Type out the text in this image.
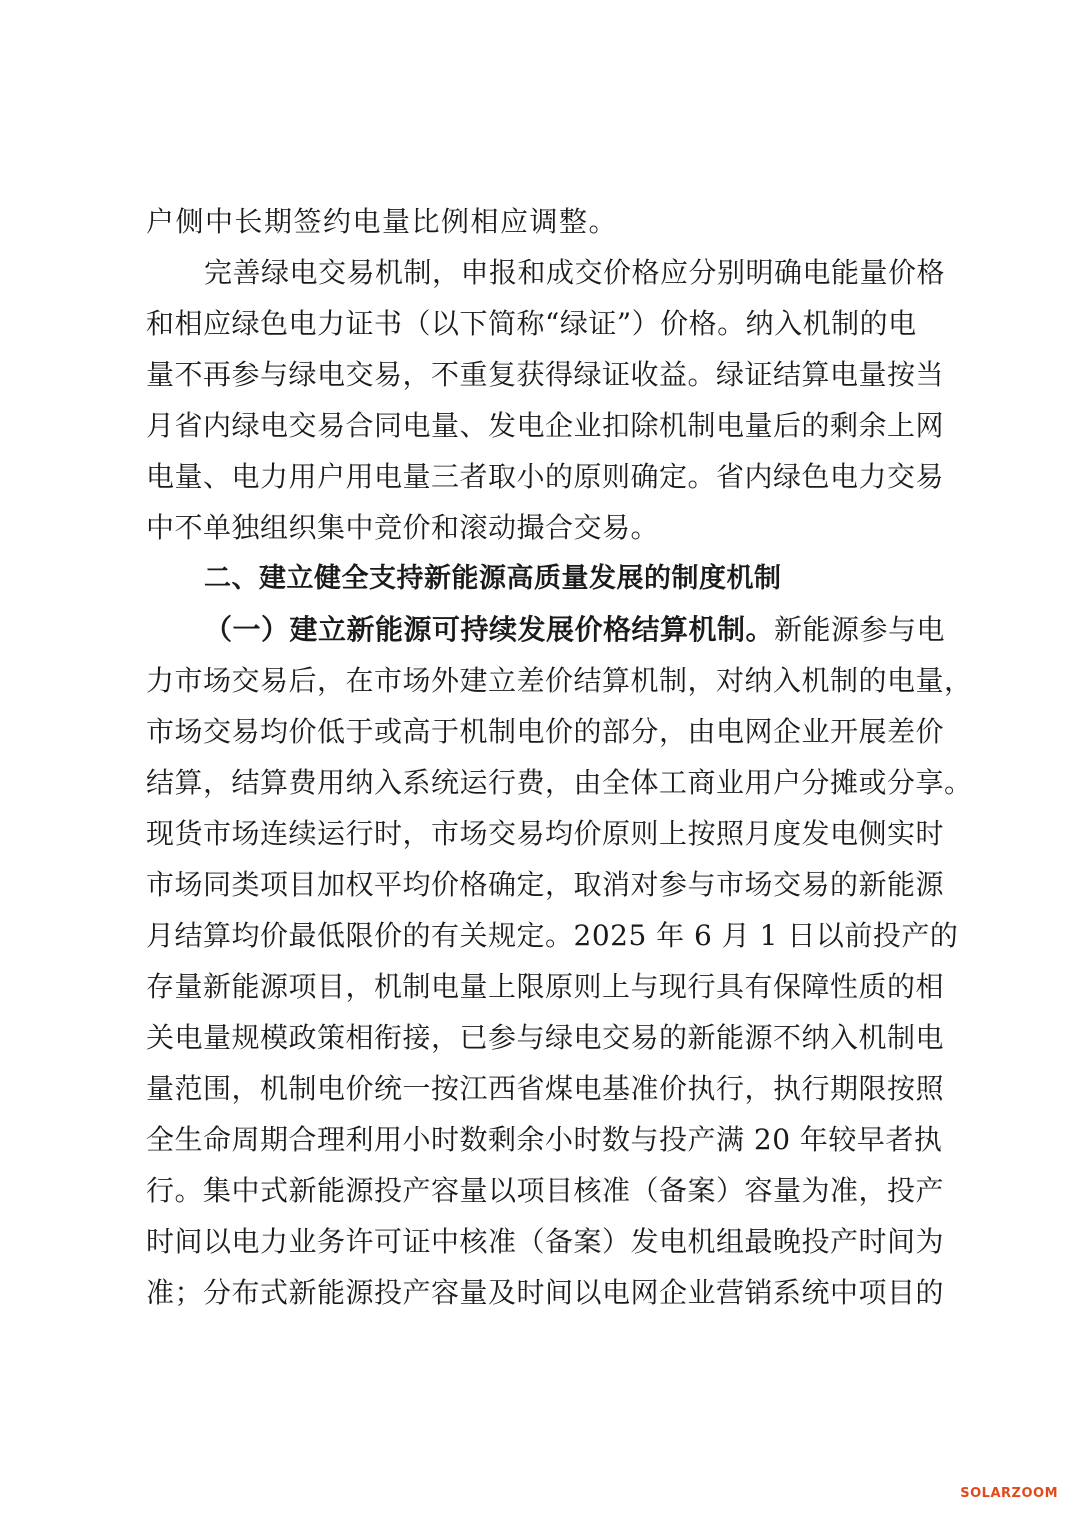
户侧中长期签约电量比例相应调整。
完善绿电交易机制，申报和成交价格应分别明确电能量价格
和相应绿色电力证书（以下简称“绿证”）价格。纳入机制的电
量不再参与绿电交易，不重复获得绿证收益。绿证结算电量按当
月省内绿电交易合同电量、发电企业扣除机制电量后的剩余上网
电量、电力用户用电量三者取小的原则确定。省内绿色电力交易
中不单独组织集中竞价和滚动撮合交易。
二、建立健全支持新能源高质量发展的制度机制
（一）建立新能源可持续发展价格结算机制。新能源参与电
力市场交易后，在市场外建立差价结算机制，对纳入机制的电量，
市场交易均价低于或高于机制电价的部分，由电网企业开展差价
结算，结算费用纳入系统运行费，由全体工商业用户分摊或分享。
现货市场连续运行时，市场交易均价原则上按照月度发电侧实时
市场同类项目加权平均价格确定，取消对参与市场交易的新能源
月结算均价最低限价的有关规定。2025 年 6 月 1 日以前投产的
存量新能源项目，机制电量上限原则上与现行具有保障性质的相
关电量规模政策相衔接，已参与绿电交易的新能源不纳入机制电
量范围，机制电价统一按江西省煤电基准价执行，执行期限按照
全生命周期合理利用小时数剩余小时数与投产满 20 年较早者执
行。集中式新能源投产容量以项目核准（备案）容量为准，投产
时间以电力业务许可证中核准（备案）发电机组最晚投产时间为
准；分布式新能源投产容量及时间以电网企业营销系统中项目的
SOLARZOOM
